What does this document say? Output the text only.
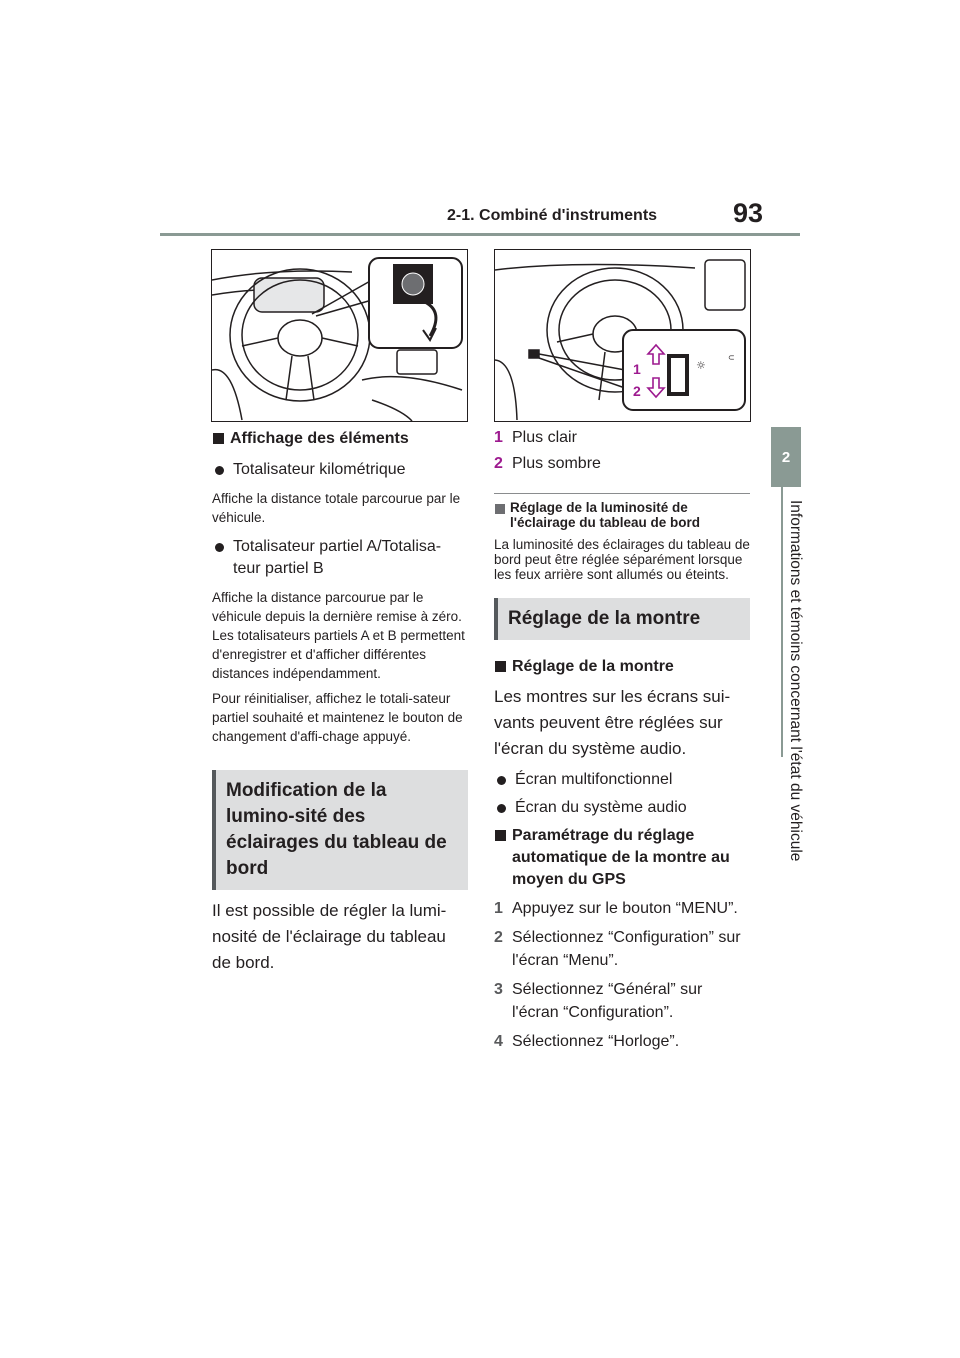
2-1. Combiné d'instruments	93
2
Informations et témoins concernant l'état du véhicule
☼
⊂
1
2
Affichage des éléments
Totalisateur kilométrique
Affiche la distance totale parcourue par le véhicule.
Totalisateur partiel A/Totalisa-teur partiel B
Affiche la distance parcourue par le véhicule depuis la dernière remise à zéro. Les totalisateurs partiels A et B permettent d'enregistrer et d'afficher différentes distances indépendamment.
Pour réinitialiser, affichez le totali-sateur partiel souhaité et maintenez le bouton de changement d'affi-chage appuyé.
Modification de la lumino-sité des éclairages du tableau de bord
Il est possible de régler la lumi-nosité de l'éclairage du tableau de bord.
1 Plus clair
2 Plus sombre
Réglage de la luminosité de l'éclairage du tableau de bord
La luminosité des éclairages du tableau de bord peut être réglée séparément lorsque les feux arrière sont allumés ou éteints.
Réglage de la montre
Réglage de la montre
Les montres sur les écrans sui-vants peuvent être réglées sur l'écran du système audio.
Écran multifonctionnel
Écran du système audio
Paramétrage du réglage automatique de la montre au moyen du GPS
1 Appuyez sur le bouton “MENU”.
2 Sélectionnez “Configuration” sur l'écran “Menu”.
3 Sélectionnez “Général” sur l'écran “Configuration”.
4 Sélectionnez “Horloge”.
